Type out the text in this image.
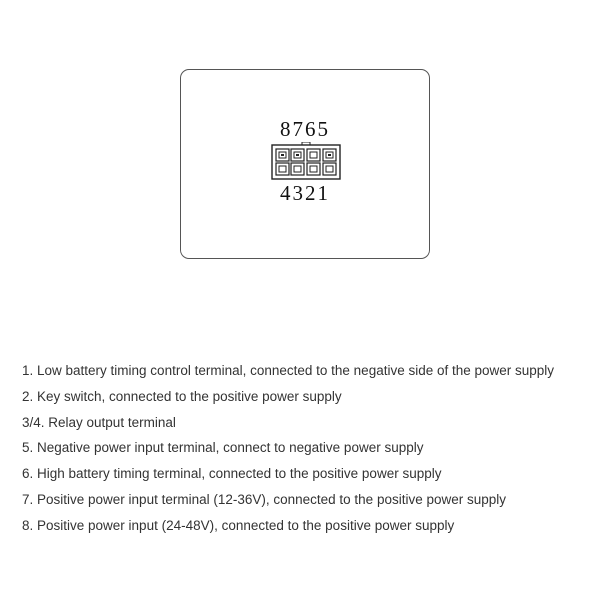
8765
4321
1. Low battery timing control terminal, connected to the negative side of the power supply
2. Key switch, connected to the positive power supply
3/4. Relay output terminal
5. Negative power input terminal, connect to negative power supply
6. High battery timing terminal, connected to the positive power supply
7. Positive power input terminal (12-36V), connected to the positive power supply
8. Positive power input (24-48V), connected to the positive power supply
